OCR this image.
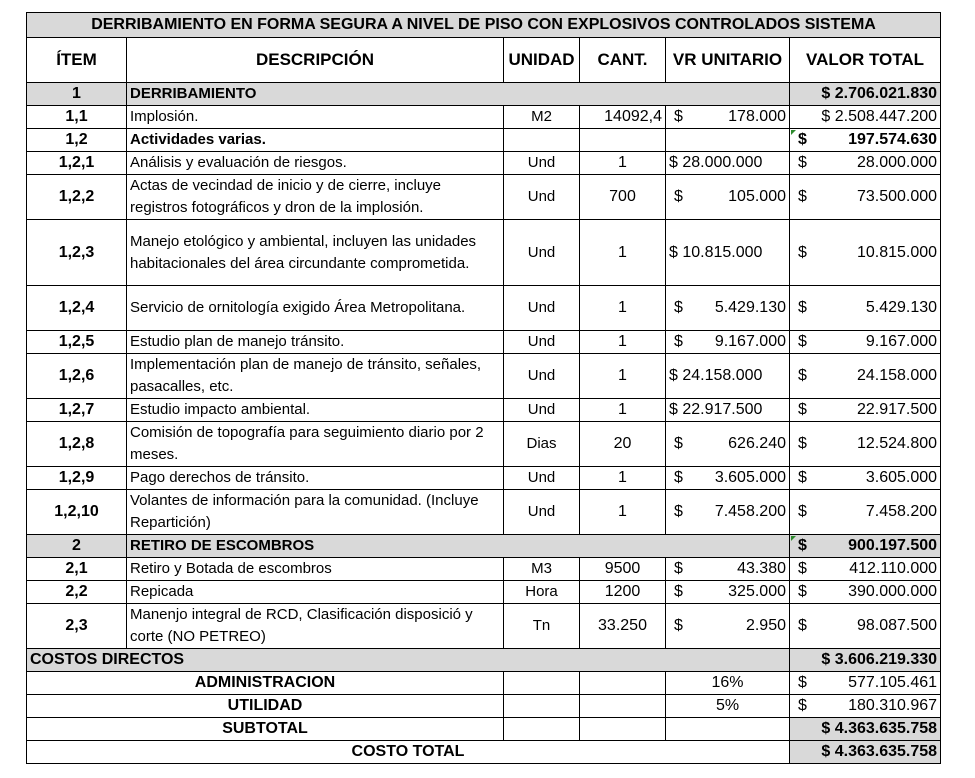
DERRIBAMIENTO EN FORMA SEGURA A NIVEL DE PISO CON EXPLOSIVOS CONTROLADOS SISTEMA					
ÍTEM	DESCRIPCIÓN	UNIDAD	CANT.	VR UNITARIO	VALOR TOTAL
1	DERRIBAMIENTO				$ 2.706.021.830
1,1	Implosión.	M2	14092,4	$ 178.000	$ 2.508.447.200
1,2	Actividades varias.				$ 197.574.630

1,2,1	Análisis y evaluación de riesgos.	Und	1	$ 28.000.000	$ 28.000.000

1,2,2	Actas de vecindad de inicio y de cierre, incluye registros fotográficos y dron de la implosión.	Und	700	$ 105.000	$ 73.500.000

1,2,3	Manejo etológico y ambiental, incluyen las unidades habitacionales del área circundante comprometida.	Und	1	$ 10.815.000	$ 10.815.000

1,2,4	Servicio de ornitología exigido Área Metropolitana.	Und	1	$ 5.429.130	$ 5.429.130

1,2,5	Estudio plan de manejo tránsito.	Und	1	$ 9.167.000	$ 9.167.000

1,2,6	Implementación plan de manejo de tránsito, señales, pasacalles, etc.	Und	1	$ 24.158.000	$ 24.158.000

1,2,7	Estudio impacto ambiental.	Und	1	$ 22.917.500	$ 22.917.500

1,2,8	Comisión de topografía para seguimiento diario por 2 meses.	Dias	20	$ 626.240	$ 12.524.800

1,2,9	Pago derechos de tránsito.	Und	1	$ 3.605.000	$ 3.605.000

1,2,10	Volantes de información para la comunidad. (Incluye Repartición)	Und	1	$ 7.458.200	$ 7.458.200

2	RETIRO DE ESCOMBROS				$ 900.197.500

2,1	Retiro y Botada de escombros	M3	9500	$ 43.380	$ 412.110.000

2,2	Repicada	Hora	1200	$ 325.000	$ 390.000.000

2,3	Manenjo integral de RCD, Clasificación disposició y corte (NO PETREO)	Tn	33.250	$ 2.950	$ 98.087.500

COSTOS DIRECTOS					$ 3.606.219.330
ADMINISTRACION				16%	$ 577.105.461

UTILIDAD				5%	$ 180.310.967

SUBTOTAL					$ 4.363.635.758
COSTO TOTAL					$ 4.363.635.758
